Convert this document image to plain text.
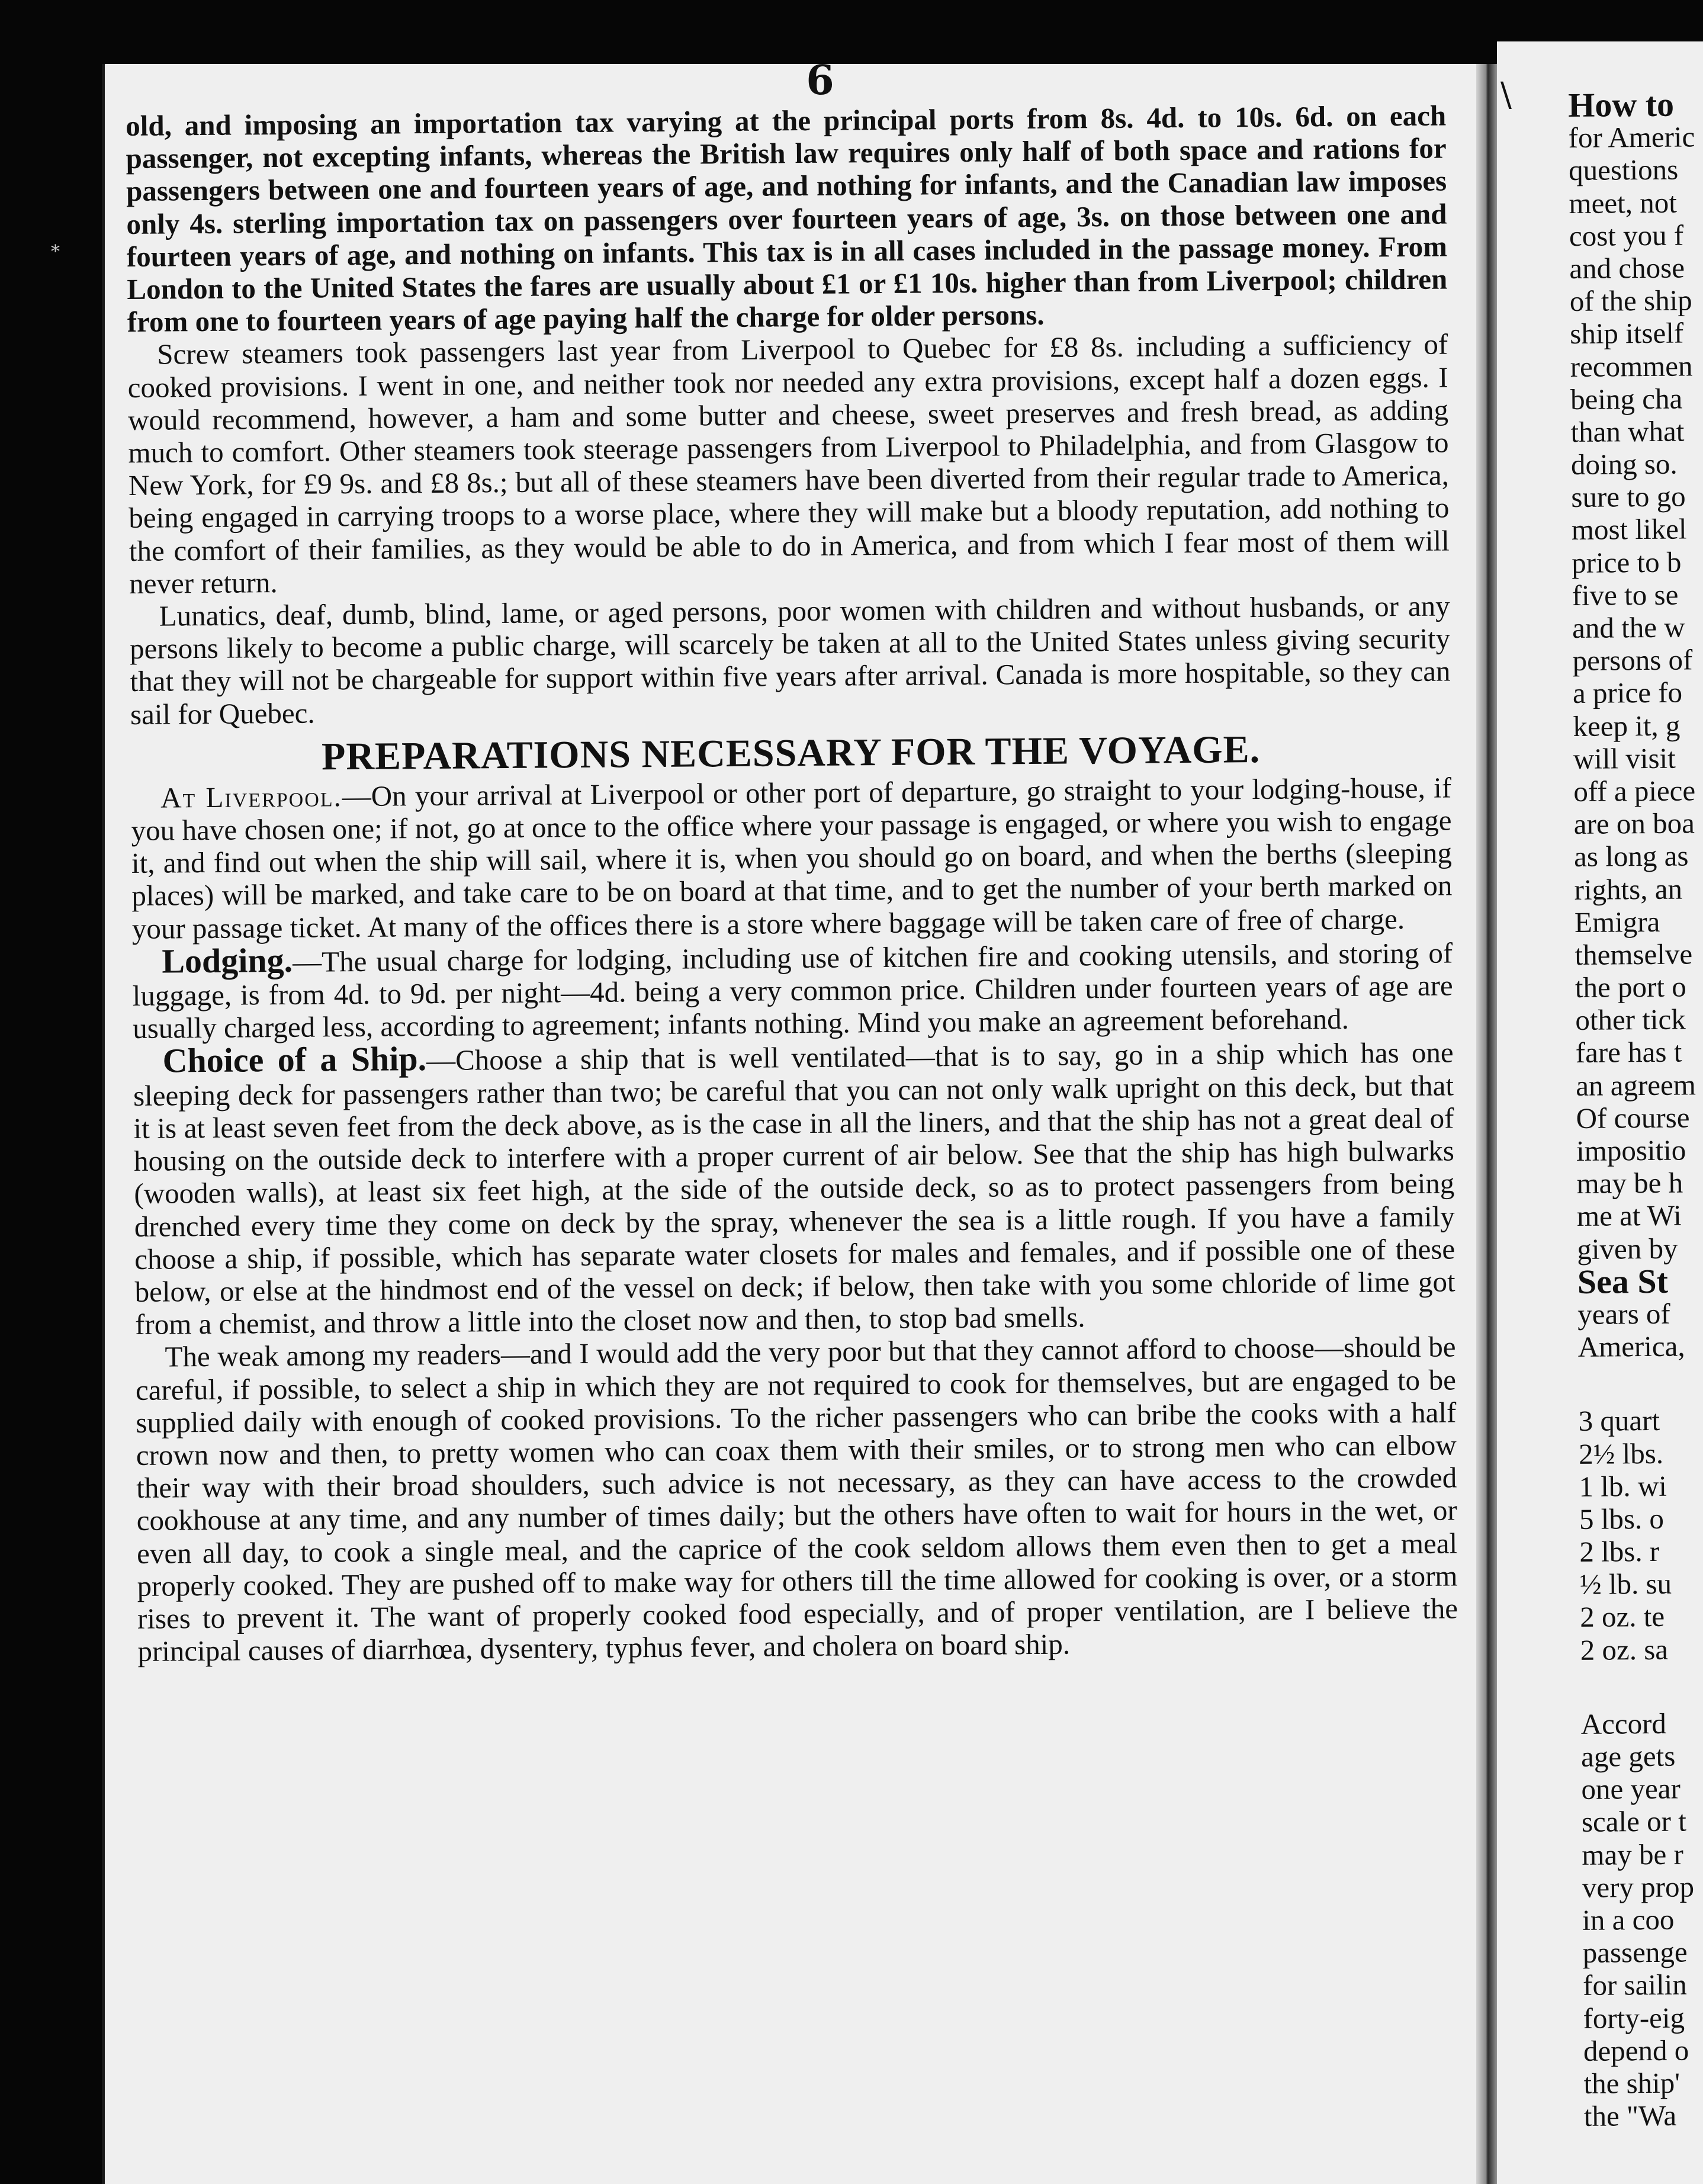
⁎
6

old, and imposing an importation tax varying at the principal ports from 8s. 4d. to 10s. 6d. on each passenger, not excepting infants, whereas the British law requires only half of both space and rations for passengers between one and fourteen years of age, and nothing for infants, and the Canadian law imposes only 4s. sterling importation tax on passengers over fourteen years of age, 3s. on those between one and fourteen years of age, and nothing on infants. This tax is in all cases included in the passage money. From London to the United States the fares are usually about £1 or £1 10s. higher than from Liverpool; children from one to fourteen years of age paying half the charge for older persons.

Screw steamers took passengers last year from Liverpool to Quebec for £8 8s. including a sufficiency of cooked provisions. I went in one, and neither took nor needed any extra provisions, except half a dozen eggs. I would recommend, however, a ham and some butter and cheese, sweet preserves and fresh bread, as adding much to comfort. Other steamers took steerage passengers from Liverpool to Philadelphia, and from Glasgow to New York, for £9 9s. and £8 8s.; but all of these steamers have been diverted from their regular trade to America, being engaged in carrying troops to a worse place, where they will make but a bloody reputation, add nothing to the comfort of their families, as they would be able to do in America, and from which I fear most of them will never return.

Lunatics, deaf, dumb, blind, lame, or aged persons, poor women with children and without husbands, or any persons likely to become a public charge, will scarcely be taken at all to the United States unless giving security that they will not be chargeable for support within five years after arrival. Canada is more hospitable, so they can sail for Quebec.

PREPARATIONS NECESSARY FOR THE VOYAGE.

At Liverpool.—On your arrival at Liverpool or other port of departure, go straight to your lodging-house, if you have chosen one; if not, go at once to the office where your passage is engaged, or where you wish to engage it, and find out when the ship will sail, where it is, when you should go on board, and when the berths (sleeping places) will be marked, and take care to be on board at that time, and to get the number of your berth marked on your passage ticket. At many of the offices there is a store where baggage will be taken care of free of charge.

Lodging.—The usual charge for lodging, including use of kitchen fire and cooking utensils, and storing of luggage, is from 4d. to 9d. per night—4d. being a very common price. Children under fourteen years of age are usually charged less, according to agreement; infants nothing. Mind you make an agreement beforehand.

Choice of a Ship.—Choose a ship that is well ventilated—that is to say, go in a ship which has one sleeping deck for passengers rather than two; be careful that you can not only walk upright on this deck, but that it is at least seven feet from the deck above, as is the case in all the liners, and that the ship has not a great deal of housing on the outside deck to interfere with a proper current of air below. See that the ship has high bulwarks (wooden walls), at least six feet high, at the side of the outside deck, so as to protect passengers from being drenched every time they come on deck by the spray, whenever the sea is a little rough. If you have a family choose a ship, if possible, which has separate water closets for males and females, and if possible one of these below, or else at the hindmost end of the vessel on deck; if below, then take with you some chloride of lime got from a chemist, and throw a little into the closet now and then, to stop bad smells.

The weak among my readers—and I would add the very poor but that they cannot afford to choose—should be careful, if possible, to select a ship in which they are not required to cook for themselves, but are engaged to be supplied daily with enough of cooked provisions. To the richer passengers who can bribe the cooks with a half crown now and then, to pretty women who can coax them with their smiles, or to strong men who can elbow their way with their broad shoulders, such advice is not necessary, as they can have access to the crowded cookhouse at any time, and any number of times daily; but the others have often to wait for hours in the wet, or even all day, to cook a single meal, and the caprice of the cook seldom allows them even then to get a meal properly cooked. They are pushed off to make way for others till the time allowed for cooking is over, or a storm rises to prevent it. The want of properly cooked food especially, and of proper ventilation, are I believe the principal causes of diarrhœa, dysentery, typhus fever, and cholera on board ship.

\ How to
for Americ
questions
meet, not
cost you f
and chose
of the ship
ship itself
recommen
being cha
than what
doing so.
sure to go
most likel
price to b
five to se
and the w
persons of
a price fo
keep it, g
will visit
off a piece
are on boa
as long as
rights, an
Emigra
themselve
the port o
other tick
fare has t
an agreem
Of course
impositio
may be h
me at Wi
given by
Sea St
years of
America,
3 quart
2½ lbs.
1 lb. wi
5 lbs. o
2 lbs. r
½ lb. su
2 oz. te
2 oz. sa
Accord
age gets
one year
scale or t
may be r
very prop
in a coo
passenge
for sailin
forty-eig
depend o
the ship'
the "Wa
